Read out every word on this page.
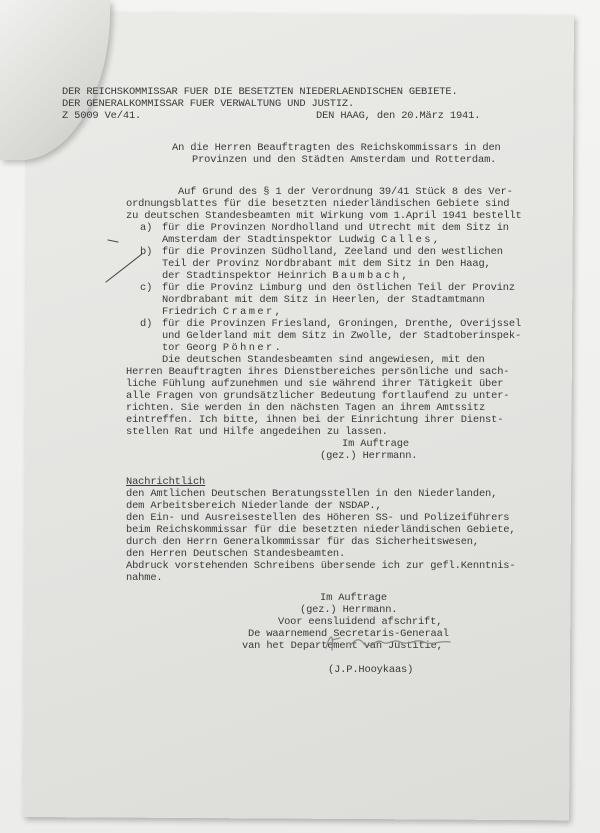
DER REICHSKOMMISSAR FUER DIE BESETZTEN NIEDERLAENDISCHEN GEBIETE.
DER GENERALKOMMISSAR FUER VERWALTUNG UND JUSTIZ.
Z 5009 Ve/41.	DEN HAAG, den 20.März 1941.
An die Herren Beauftragten des Reichskommissars in den
Provinzen und den Städten Amsterdam und Rotterdam.
Auf Grund des § 1 der Verordnung 39/41 Stück 8 des Ver-
ordnungsblattes für die besetzten niederländischen Gebiete sind
zu deutschen Standesbeamten mit Wirkung vom 1.April 1941 bestellt
a) für die Provinzen Nordholland und Utrecht mit dem Sitz in
Amsterdam der Stadtinspektor Ludwig Calles,
b) für die Provinzen Südholland, Zeeland und den westlichen
Teil der Provinz Nordbrabant mit dem Sitz in Den Haag,
der Stadtinspektor Heinrich Baumbach,
c) für die Provinz Limburg und den östlichen Teil der Provinz
Nordbrabant mit dem Sitz in Heerlen, der Stadtamtmann
Friedrich Cramer,
d) für die Provinzen Friesland, Groningen, Drenthe, Overijssel
und Gelderland mit dem Sitz in Zwolle, der Stadtoberinspek-
tor Georg Pöhner.
Die deutschen Standesbeamten sind angewiesen, mit den
Herren Beauftragten ihres Dienstbereiches persönliche und sach-
liche Fühlung aufzunehmen und sie während ihrer Tätigkeit über
alle Fragen von grundsätzlicher Bedeutung fortlaufend zu unter-
richten. Sie werden in den nächsten Tagen an ihrem Amtssitz
eintreffen. Ich bitte, ihnen bei der Einrichtung ihrer Dienst-
stellen Rat und Hilfe angedeihen zu lassen.
Im Auftrage
(gez.) Herrmann.
Nachrichtlich
den Amtlichen Deutschen Beratungsstellen in den Niederlanden,
dem Arbeitsbereich Niederlande der NSDAP.,
den Ein- und Ausreisestellen des Höheren SS- und Polizeiführers
beim Reichskommissar für die besetzten niederländischen Gebiete,
durch den Herrn Generalkommissar für das Sicherheitswesen,
den Herren Deutschen Standesbeamten.
Abdruck vorstehenden Schreibens übersende ich zur gefl.Kenntnis-
nahme.
Im Auftrage
(gez.) Herrmann.
Voor eensluidend afschrift,
De waarnemend Secretaris-Generaal
van het Departement van Justitie,
(J.P.Hooykaas)
